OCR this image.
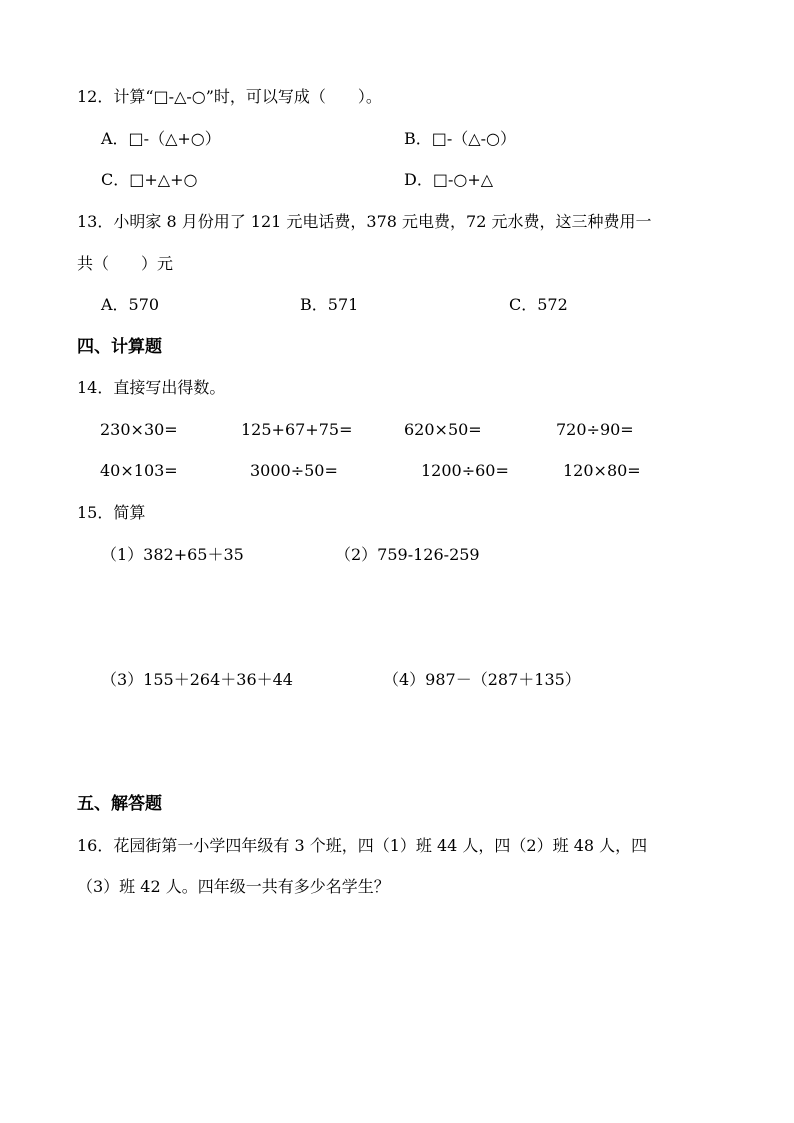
12．计算“□-△-○”时，可以写成（　　）。
A．□-（△+○）	B．□-（△-○）
C．□+△+○	D．□-○+△
13．小明家 8 月份用了 121 元电话费，378 元电费，72 元水费，这三种费用一
共（　　）元
A．570	B．571	C．572
四、计算题
14．直接写出得数。
230×30=	125+67+75=	620×50=	720÷90=
40×103=	3000÷50=	1200÷60=	120×80=
15．简算
（1）382+65＋35	（2）759-126-259
（3）155＋264＋36＋44	（4）987－（287＋135）
五、解答题
16．花园街第一小学四年级有 3 个班，四（1）班 44 人，四（2）班 48 人，四
（3）班 42 人。四年级一共有多少名学生？
